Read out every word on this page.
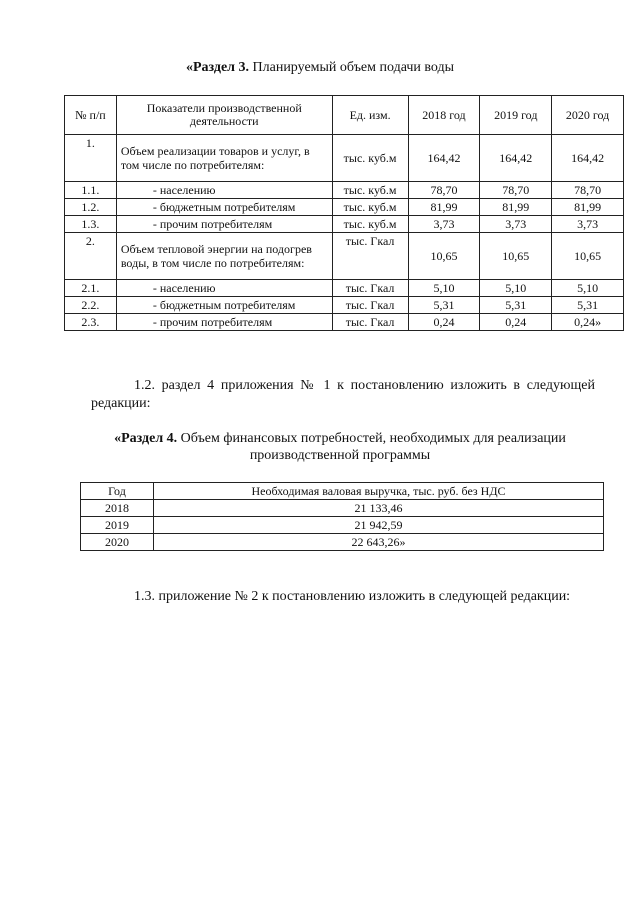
«Раздел 3. Планируемый объем подачи воды
№ п/п	Показатели производственной деятельности	Ед. изм.	2018 год	2019 год	2020 год
1.	Объем реализации товаров и услуг, в том числе по потребителям:	тыс. куб.м	164,42	164,42	164,42
1.1.	- населению	тыс. куб.м	78,70	78,70	78,70
1.2.	- бюджетным потребителям	тыс. куб.м	81,99	81,99	81,99
1.3.	- прочим потребителям	тыс. куб.м	3,73	3,73	3,73
2.	Объем тепловой энергии на подогрев воды, в том числе по потребителям:	тыс. Гкал	10,65	10,65	10,65
2.1.	- населению	тыс. Гкал	5,10	5,10	5,10
2.2.	- бюджетным потребителям	тыс. Гкал	5,31	5,31	5,31
2.3.	- прочим потребителям	тыс. Гкал	0,24	0,24	0,24»
1.2. раздел 4 приложения № 1 к постановлению изложить в следующей редакции:
«Раздел 4. Объем финансовых потребностей, необходимых для реализации производственной программы
Год	Необходимая валовая выручка, тыс. руб. без НДС
2018	21 133,46
2019	21 942,59
2020	22 643,26»
1.3. приложение № 2 к постановлению изложить в следующей редакции:
